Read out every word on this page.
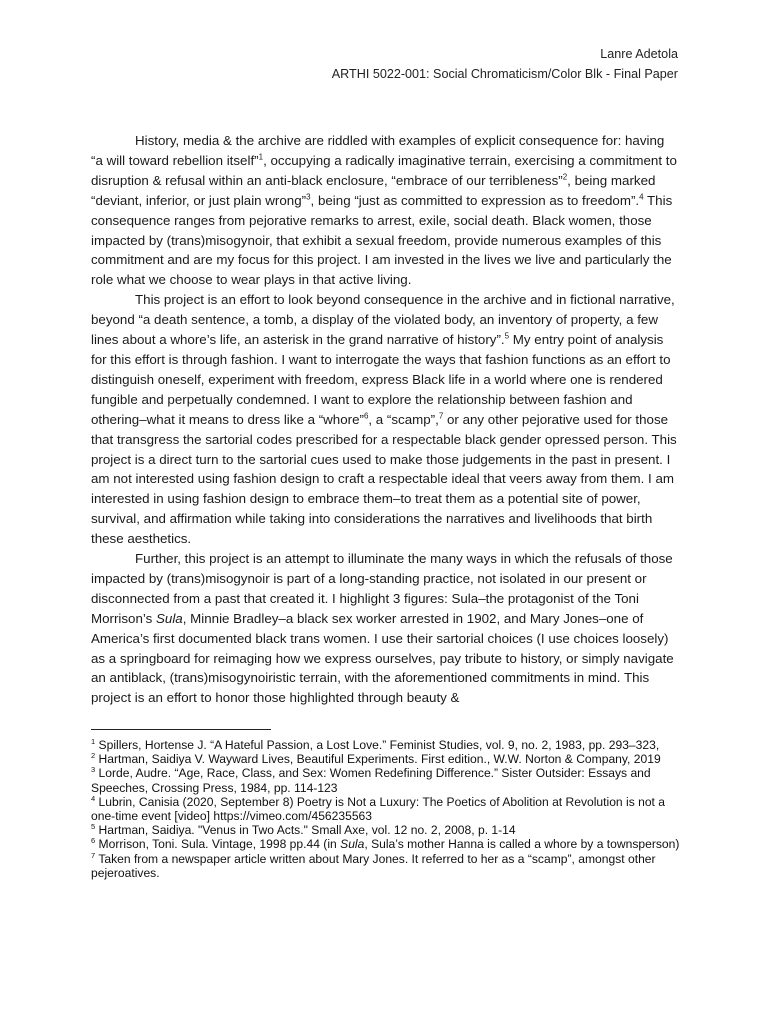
Lanre Adetola
ARTHI 5022-001: Social Chromaticism/Color Blk - Final Paper

History, media & the archive are riddled with examples of explicit consequence for: having “a will toward rebellion itself”$^1$, occupying a radically imaginative terrain, exercising a commitment to disruption & refusal within an anti-black enclosure, “embrace of our terribleness”$^2$, being marked “deviant, inferior, or just plain wrong”$^3$, being “just as committed to expression as to freedom”.$^4$ This consequence ranges from pejorative remarks to arrest, exile, social death. Black women, those impacted by (trans)misogynoir, that exhibit a sexual freedom, provide numerous examples of this commitment and are my focus for this project. I am invested in the lives we live and particularly the role what we choose to wear plays in that active living.

This project is an effort to look beyond consequence in the archive and in fictional narrative, beyond “a death sentence, a tomb, a display of the violated body, an inventory of property, a few lines about a whore’s life, an asterisk in the grand narrative of history”.$^5$ My entry point of analysis for this effort is through fashion. I want to interrogate the ways that fashion functions as an effort to distinguish oneself, experiment with freedom, express Black life in a world where one is rendered fungible and perpetually condemned. I want to explore the relationship between fashion and othering–what it means to dress like a “whore”$^6$, a “scamp”,$^7$ or any other pejorative used for those that transgress the sartorial codes prescribed for a respectable black gender opressed person. This project is a direct turn to the sartorial cues used to make those judgements in the past in present. I am not interested using fashion design to craft a respectable ideal that veers away from them. I am interested in using fashion design to embrace them–to treat them as a potential site of power, survival, and affirmation while taking into considerations the narratives and livelihoods that birth these aesthetics.

Further, this project is an attempt to illuminate the many ways in which the refusals of those impacted by (trans)misogynoir is part of a long-standing practice, not isolated in our present or disconnected from a past that created it. I highlight 3 figures: Sula–the protagonist of the Toni Morrison’s Sula, Minnie Bradley–a black sex worker arrested in 1902, and Mary Jones–one of America’s first documented black trans women. I use their sartorial choices (I use choices loosely) as a springboard for reimaging how we express ourselves, pay tribute to history, or simply navigate an antiblack, (trans)misogynoiristic terrain, with the aforementioned commitments in mind. This project is an effort to honor those highlighted through beauty &

$^1$ Spillers, Hortense J. “A Hateful Passion, a Lost Love.” Feminist Studies, vol. 9, no. 2, 1983, pp. 293–323,

$^2$ Hartman, Saidiya V. Wayward Lives, Beautiful Experiments. First edition., W.W. Norton & Company, 2019

$^3$ Lorde, Audre. “Age, Race, Class, and Sex: Women Redefining Difference.” Sister Outsider: Essays and Speeches, Crossing Press, 1984, pp. 114-123

$^4$ Lubrin, Canisia (2020, September 8) Poetry is Not a Luxury: The Poetics of Abolition at Revolution is not a one-time event [video] https://vimeo.com/456235563

$^5$ Hartman, Saidiya. "Venus in Two Acts." Small Axe, vol. 12 no. 2, 2008, p. 1-14

$^6$ Morrison, Toni. Sula. Vintage, 1998 pp.44 (in Sula, Sula’s mother Hanna is called a whore by a townsperson)

$^7$ Taken from a newspaper article written about Mary Jones. It referred to her as a “scamp”, amongst other pejeroatives.
